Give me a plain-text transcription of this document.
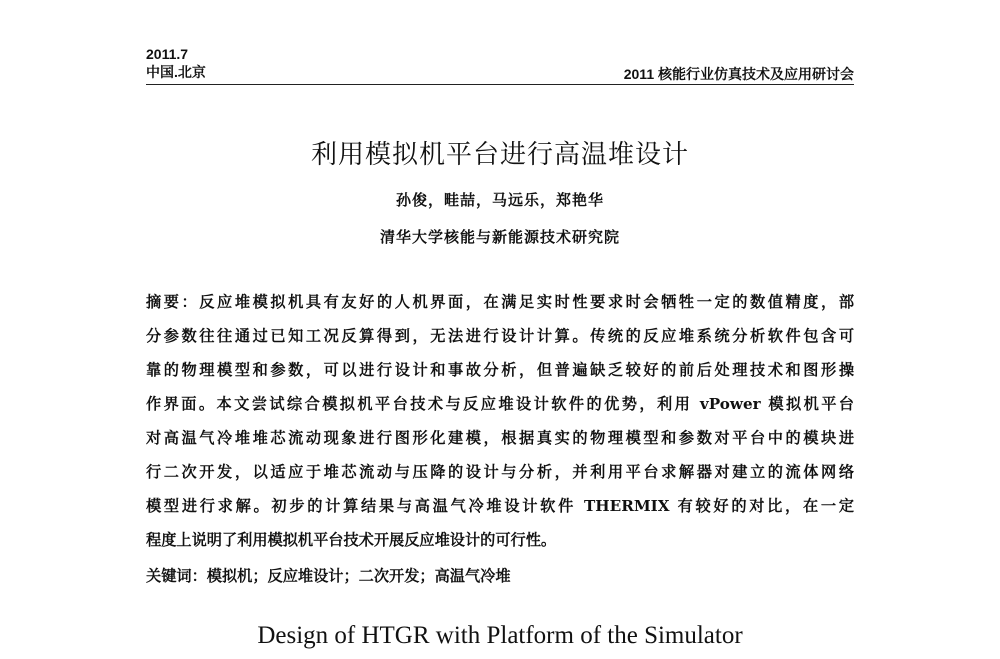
2011.7
中国.北京	2011 核能行业仿真技术及应用研讨会
利用模拟机平台进行高温堆设计
孙俊，畦喆，马远乐，郑艳华
清华大学核能与新能源技术研究院
摘要：反应堆模拟机具有友好的人机界面，在满足实时性要求时会牺牲一定的数值精度，部
分参数往往通过已知工况反算得到，无法进行设计计算。传统的反应堆系统分析软件包含可
靠的物理模型和参数，可以进行设计和事故分析，但普遍缺乏较好的前后处理技术和图形操
作界面。本文尝试综合模拟机平台技术与反应堆设计软件的优势，利用 vPower 模拟机平台
对高温气冷堆堆芯流动现象进行图形化建模，根据真实的物理模型和参数对平台中的模块进
行二次开发，以适应于堆芯流动与压降的设计与分析，并利用平台求解器对建立的流体网络
模型进行求解。初步的计算结果与高温气冷堆设计软件 THERMIX 有较好的对比，在一定
程度上说明了利用模拟机平台技术开展反应堆设计的可行性。
关键词：模拟机；反应堆设计；二次开发；高温气冷堆
Design of HTGR with Platform of the Simulator
